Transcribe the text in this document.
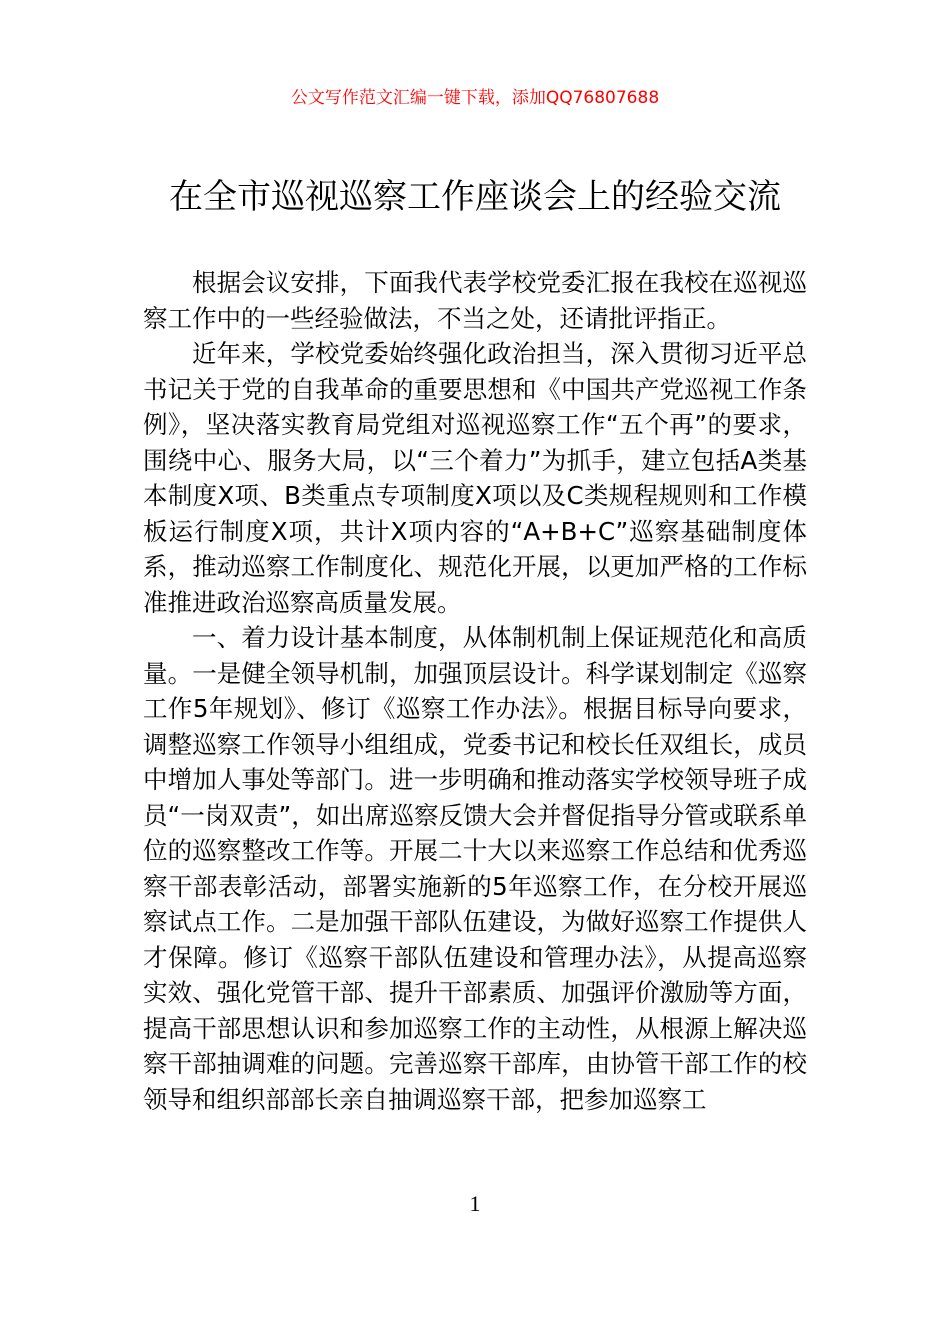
公文写作范文汇编一键下载，添加QQ76807688
在全市巡视巡察工作座谈会上的经验交流

根据会议安排，下面我代表学校党委汇报在我校在巡视巡察工作中的一些经验做法，不当之处，还请批评指正。

近年来，学校党委始终强化政治担当，深入贯彻习近平总书记关于党的自我革命的重要思想和《中国共产党巡视工作条例》，坚决落实教育局党组对巡视巡察工作“五个再”的要求，围绕中心、服务大局，以“三个着力”为抓手，建立包括A类基本制度X项、B类重点专项制度X项以及C类规程规则和工作模板运行制度X项，共计X项内容的“A+B+C”巡察基础制度体系，推动巡察工作制度化、规范化开展，以更加严格的工作标准推进政治巡察高质量发展。

一、着力设计基本制度，从体制机制上保证规范化和高质量。一是健全领导机制，加强顶层设计。科学谋划制定《巡察工作5年规划》、修订《巡察工作办法》。根据目标导向要求，调整巡察工作领导小组组成，党委书记和校长任双组长，成员中增加人事处等部门。进一步明确和推动落实学校领导班子成员“一岗双责”，如出席巡察反馈大会并督促指导分管或联系单位的巡察整改工作等。开展二十大以来巡察工作总结和优秀巡察干部表彰活动，部署实施新的5年巡察工作，在分校开展巡察试点工作。二是加强干部队伍建设，为做好巡察工作提供人才保障。修订《巡察干部队伍建设和管理办法》，从提高巡察实效、强化党管干部、提升干部素质、加强评价激励等方面，提高干部思想认识和参加巡察工作的主动性，从根源上解决巡察干部抽调难的问题。完善巡察干部库，由协管干部工作的校领导和组织部部长亲自抽调巡察干部，把参加巡察工

1
